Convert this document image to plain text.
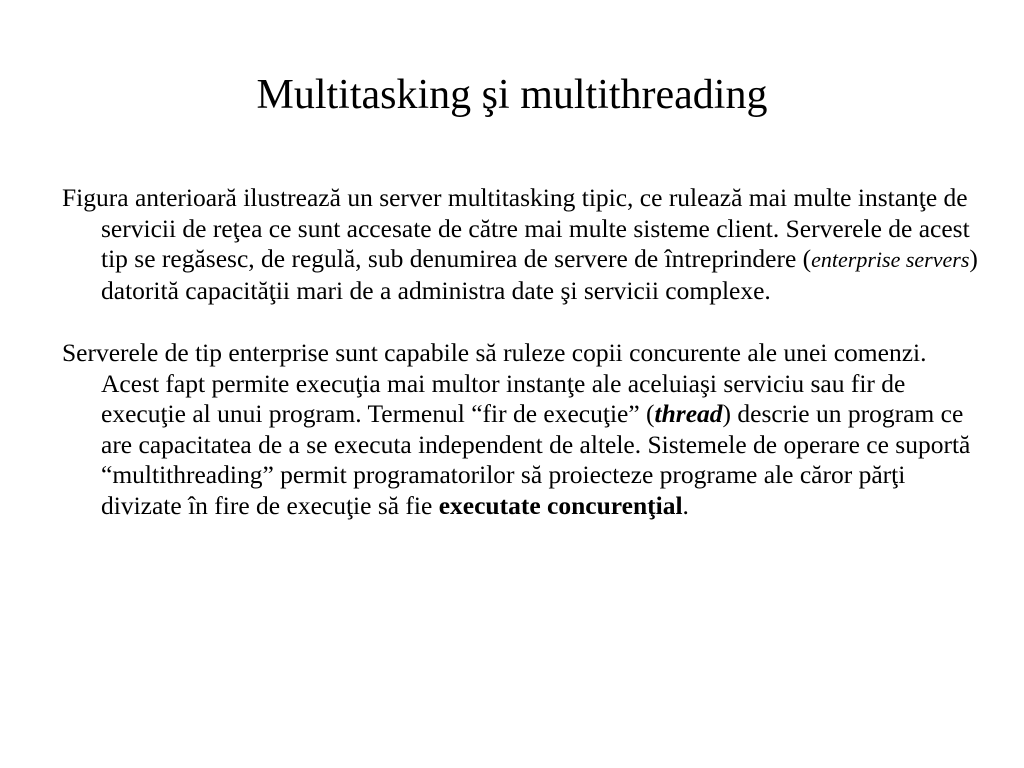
Multitasking şi multithreading

Figura anterioară ilustrează un server multitasking tipic, ce rulează mai multe instanţe de servicii de reţea ce sunt accesate de către mai multe sisteme client. Serverele de acest tip se regăsesc, de regulă, sub denumirea de servere de întreprindere (enterprise servers) datorită capacităţii mari de a administra date şi servicii complexe.

Serverele de tip enterprise sunt capabile să ruleze copii concurente ale unei comenzi. Acest fapt permite execuţia mai multor instanţe ale aceluiaşi serviciu sau fir de execuţie al unui program. Termenul “fir de execuţie” (thread) descrie un program ce are capacitatea de a se executa independent de altele. Sistemele de operare ce suportă “multithreading” permit programatorilor să proiecteze programe ale căror părţi divizate în fire de execuţie să fie executate concurenţial.
